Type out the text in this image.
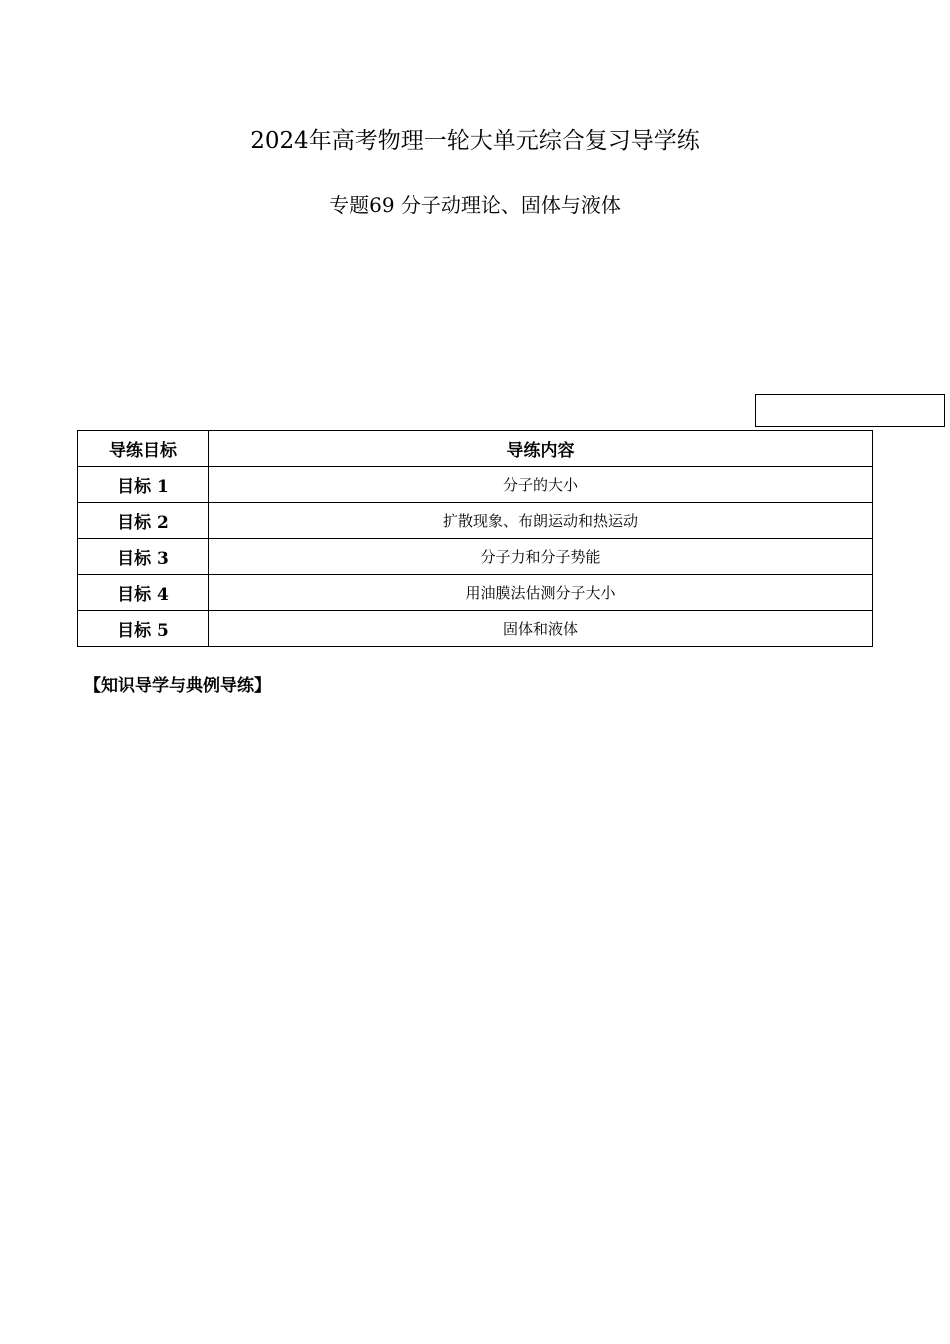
2024年高考物理一轮大单元综合复习导学练
专题69 分子动理论、固体与液体
导练目标	导练内容
目标 1	分子的大小
目标 2	扩散现象、布朗运动和热运动
目标 3	分子力和分子势能
目标 4	用油膜法估测分子大小
目标 5	固体和液体

【知识导学与典例导练】
